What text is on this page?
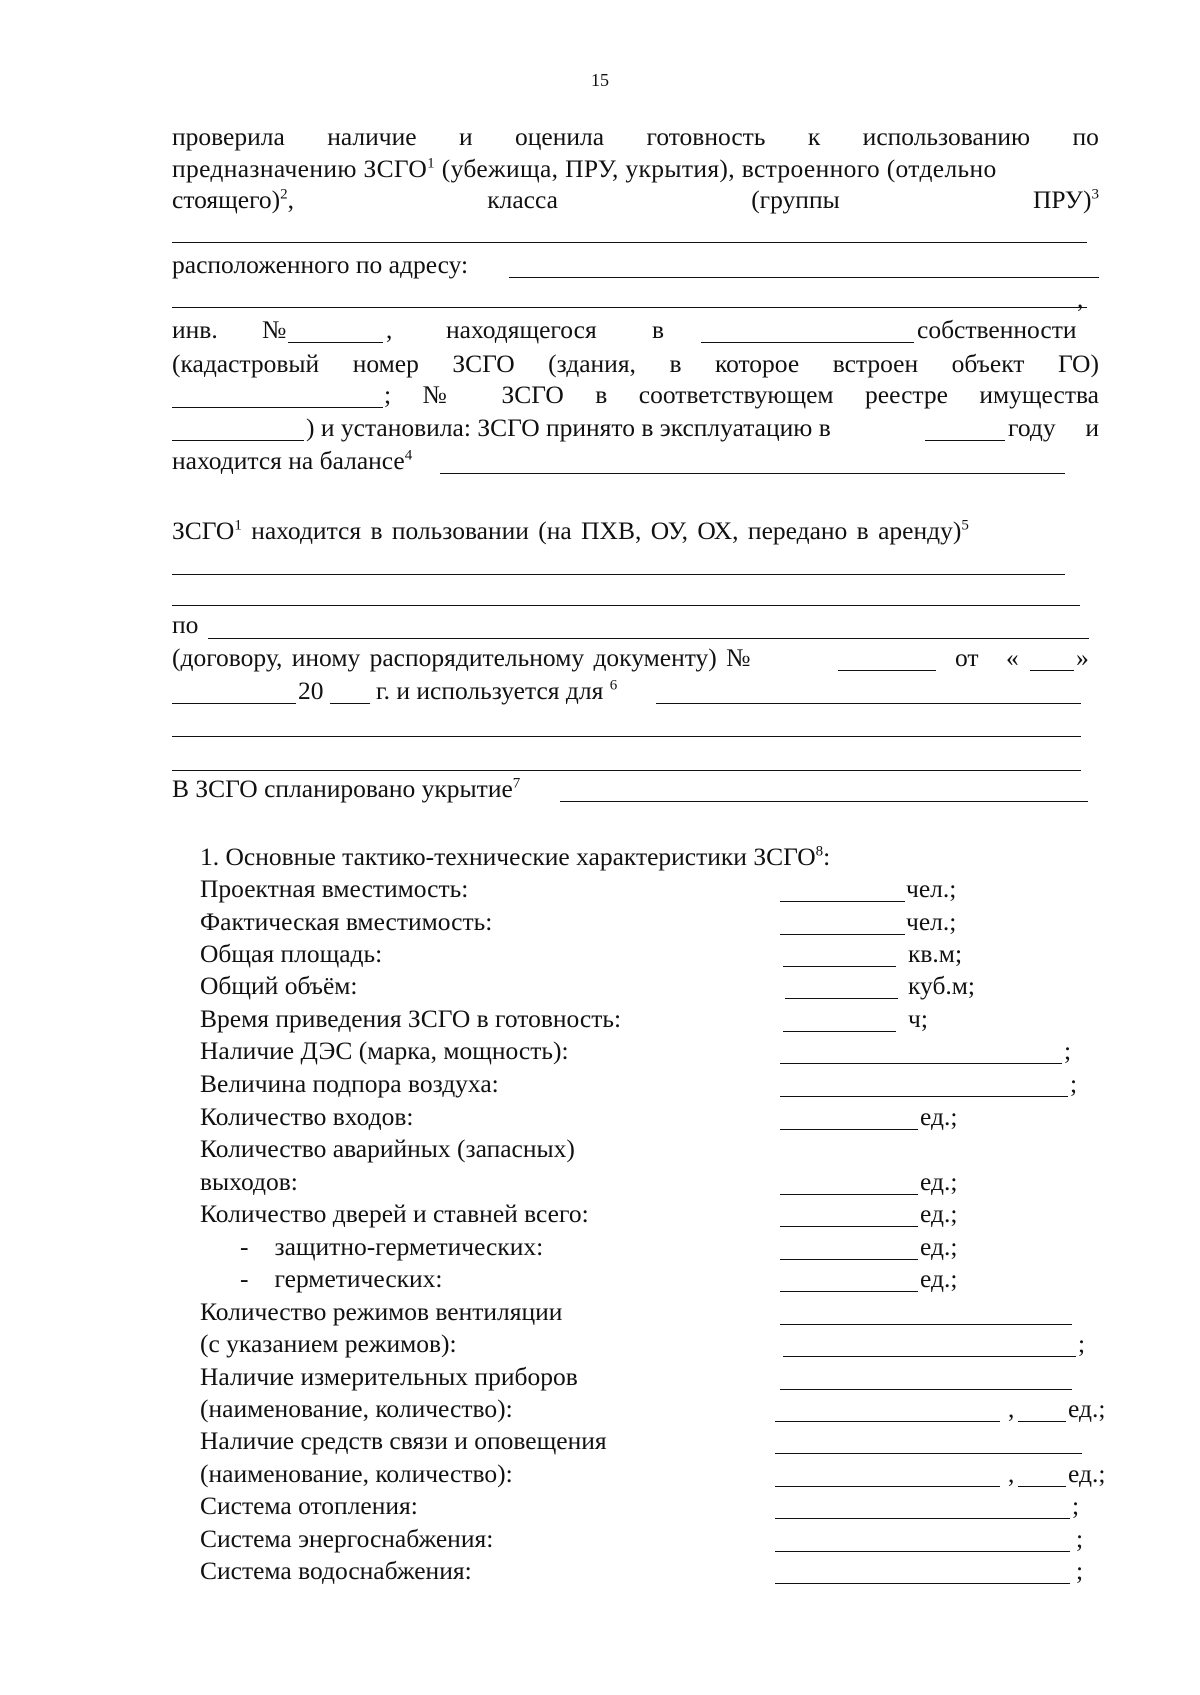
15
проверила наличие и оценила готовность к использованию по
предназначению ЗСГО$^1$ (убежища, ПРУ, укрытия), встроенного (отдельно
стоящего)$^2$,	класса	(группы	ПРУ)$^3$
расположенного по адресу:
,
инв. №	, находящегося в	собственности
(кадастровый номер ЗСГО (здания, в которое встроен объект ГО)
; № ЗСГО в соответствующем реестре имущества
) и установила: ЗСГО принято в эксплуатацию в	году и
находится на балансе$^4$
ЗСГО$^1$ находится в пользовании (на ПХВ, ОУ, ОХ, передано в аренду)$^5$
по
(договору, иному распорядительному документу) №	от « »
20 г. и используется для $^6$
В ЗСГО спланировано укрытие$^7$
1. Основные тактико-технические характеристики ЗСГО$^8$:
Проектная вместимость:	чел.;
Фактическая вместимость:	чел.;
Общая площадь:	кв.м;
Общий объём:	куб.м;
Время приведения ЗСГО в готовность:	ч;
Наличие ДЭС (марка, мощность):	;
Величина подпора воздуха:	;
Количество входов:	ед.;
Количество аварийных (запасных)
выходов:	ед.;
Количество дверей и ставней всего:	ед.;
- защитно-герметических:	ед.;
- герметических:	ед.;
Количество режимов вентиляции
(с указанием режимов):	;
Наличие измерительных приборов
(наименование, количество):	, ед.;
Наличие средств связи и оповещения
(наименование, количество):	, ед.;
Система отопления:	;
Система энергоснабжения:	;
Система водоснабжения:	;
